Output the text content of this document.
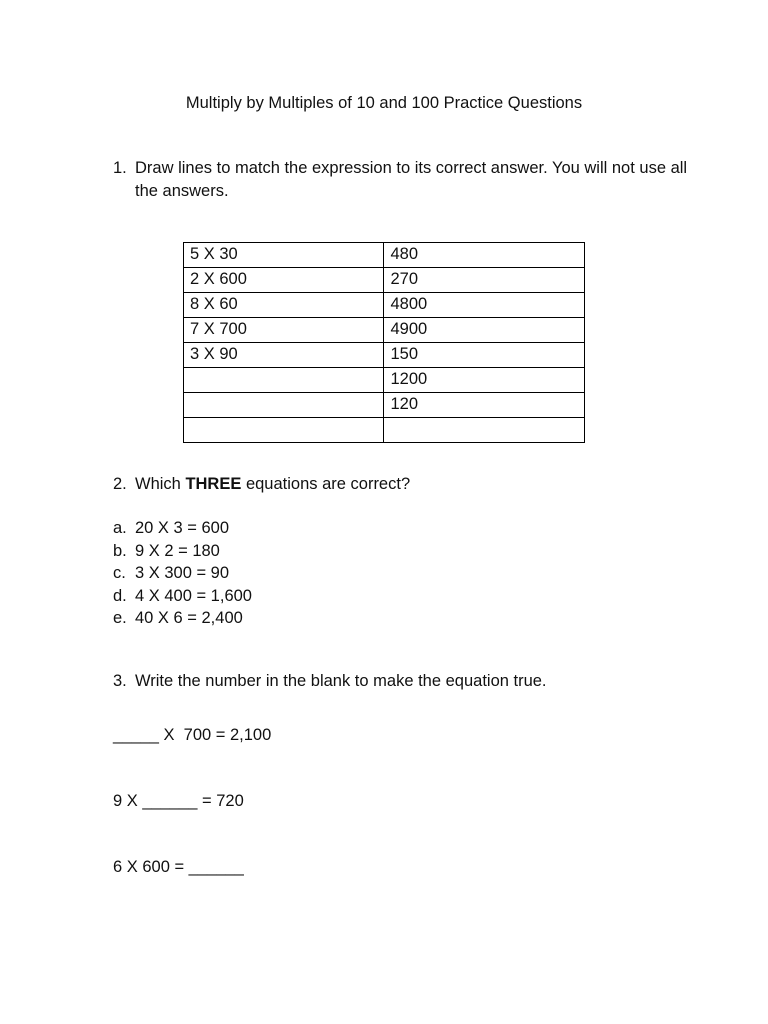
Multiply by Multiples of 10 and 100 Practice Questions
1. Draw lines to match the expression to its correct answer. You will not use all the answers.
5 X 30	480
2 X 600	270
8 X 60	4800
7 X 700	4900
3 X 90	150
	1200
	120

2. Which THREE equations are correct?
a. 20 X 3 = 600
b. 9 X 2 = 180
c. 3 X 300 = 90
d. 4 X 400 = 1,600
e. 40 X 6 = 2,400
3. Write the number in the blank to make the equation true.
_____ X  700 = 2,100
9 X ______ = 720
6 X 600 = ______
